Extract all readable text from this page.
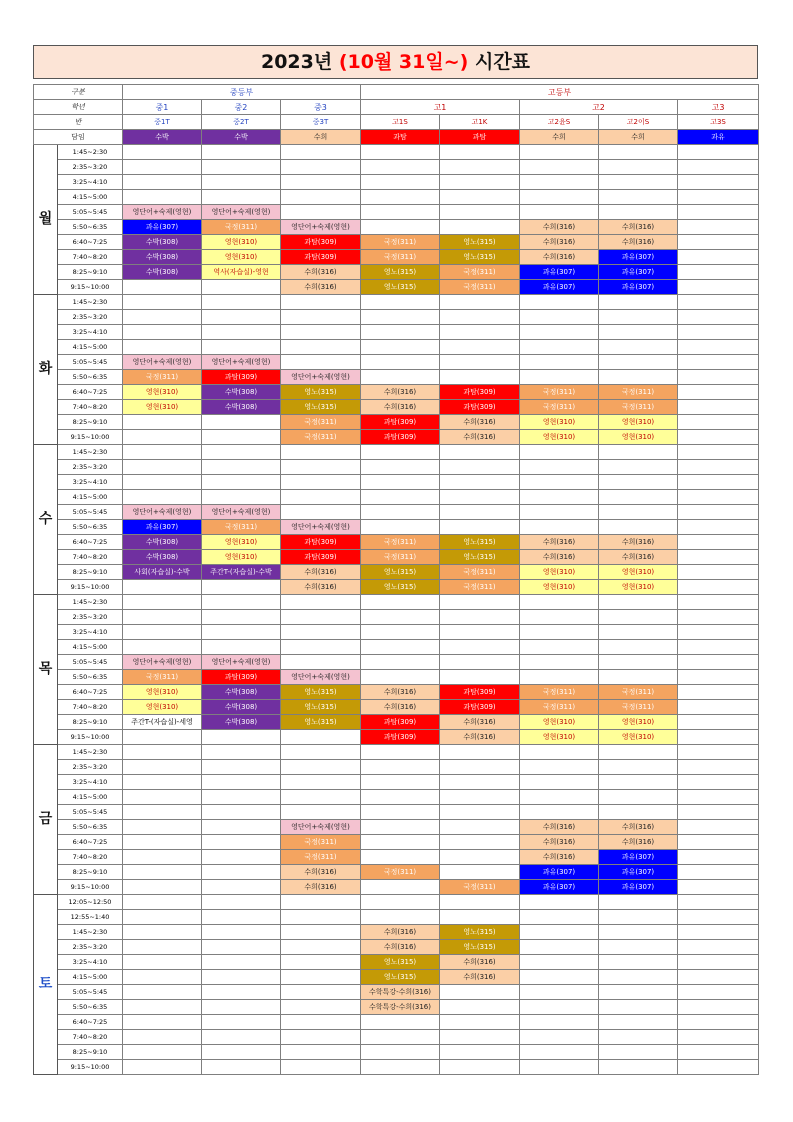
2023년 (10월 31일~) 시간표
구분		중등부			고등부				
학년		중1	중2	중3	고1		고2		고3
반		중1T	중2T	중3T	고1S	고1K	고2윤S	고2이S	고3S
담임		수박	수박	수희	과탐	과탐	수희	수희	과유
월	1:45~2:30								
	2:35~3:20								
	3:25~4:10								
	4:15~5:00								
	5:05~5:45	영단어+숙제(영현)	영단어+숙제(영현)						
	5:50~6:35	과유(307)	국정(311)	영단어+숙제(영현)			수희(316)	수희(316)	
	6:40~7:25	수박(308)	영현(310)	과탐(309)	국정(311)	영노(315)	수희(316)	수희(316)	
	7:40~8:20	수박(308)	영현(310)	과탐(309)	국정(311)	영노(315)	수희(316)	과유(307)	
	8:25~9:10	수박(308)	역사(자습실)-영현	수희(316)	영노(315)	국정(311)	과유(307)	과유(307)	
	9:15~10:00			수희(316)	영노(315)	국정(311)	과유(307)	과유(307)	
화	1:45~2:30								
	2:35~3:20								
	3:25~4:10								
	4:15~5:00								
	5:05~5:45	영단어+숙제(영현)	영단어+숙제(영현)						
	5:50~6:35	국정(311)	과탐(309)	영단어+숙제(영현)					
	6:40~7:25	영현(310)	수박(308)	영노(315)	수희(316)	과탐(309)	국정(311)	국정(311)	
	7:40~8:20	영현(310)	수박(308)	영노(315)	수희(316)	과탐(309)	국정(311)	국정(311)	
	8:25~9:10			국정(311)	과탐(309)	수희(316)	영현(310)	영현(310)	
	9:15~10:00			국정(311)	과탐(309)	수희(316)	영현(310)	영현(310)	
수	1:45~2:30								
	2:35~3:20								
	3:25~4:10								
	4:15~5:00								
	5:05~5:45	영단어+숙제(영현)	영단어+숙제(영현)						
	5:50~6:35	과유(307)	국정(311)	영단어+숙제(영현)					
	6:40~7:25	수박(308)	영현(310)	과탐(309)	국정(311)	영노(315)	수희(316)	수희(316)	
	7:40~8:20	수박(308)	영현(310)	과탐(309)	국정(311)	영노(315)	수희(316)	수희(316)	
	8:25~9:10	사회(자습실)-수박	주간T-(자습실)-수박	수희(316)	영노(315)	국정(311)	영현(310)	영현(310)	
	9:15~10:00			수희(316)	영노(315)	국정(311)	영현(310)	영현(310)	
목	1:45~2:30								
	2:35~3:20								
	3:25~4:10								
	4:15~5:00								
	5:05~5:45	영단어+숙제(영현)	영단어+숙제(영현)						
	5:50~6:35	국정(311)	과탐(309)	영단어+숙제(영현)					
	6:40~7:25	영현(310)	수박(308)	영노(315)	수희(316)	과탐(309)	국정(311)	국정(311)	
	7:40~8:20	영현(310)	수박(308)	영노(315)	수희(316)	과탐(309)	국정(311)	국정(311)	
	8:25~9:10	주간T-(자습실)-세영	수박(308)	영노(315)	과탐(309)	수희(316)	영현(310)	영현(310)	
	9:15~10:00				과탐(309)	수희(316)	영현(310)	영현(310)	
금	1:45~2:30								
	2:35~3:20								
	3:25~4:10								
	4:15~5:00								
	5:05~5:45								
	5:50~6:35			영단어+숙제(영현)			수희(316)	수희(316)	
	6:40~7:25			국정(311)			수희(316)	수희(316)	
	7:40~8:20			국정(311)			수희(316)	과유(307)	
	8:25~9:10			수희(316)	국정(311)		과유(307)	과유(307)	
	9:15~10:00			수희(316)		국정(311)	과유(307)	과유(307)	
토	12:05~12:50								
	12:55~1:40								
	1:45~2:30				수희(316)	영노(315)			
	2:35~3:20				수희(316)	영노(315)			
	3:25~4:10				영노(315)	수희(316)			
	4:15~5:00				영노(315)	수희(316)			
	5:05~5:45				수학특강-수희(316)				
	5:50~6:35				수학특강-수희(316)				
	6:40~7:25								
	7:40~8:20								
	8:25~9:10								
	9:15~10:00								
